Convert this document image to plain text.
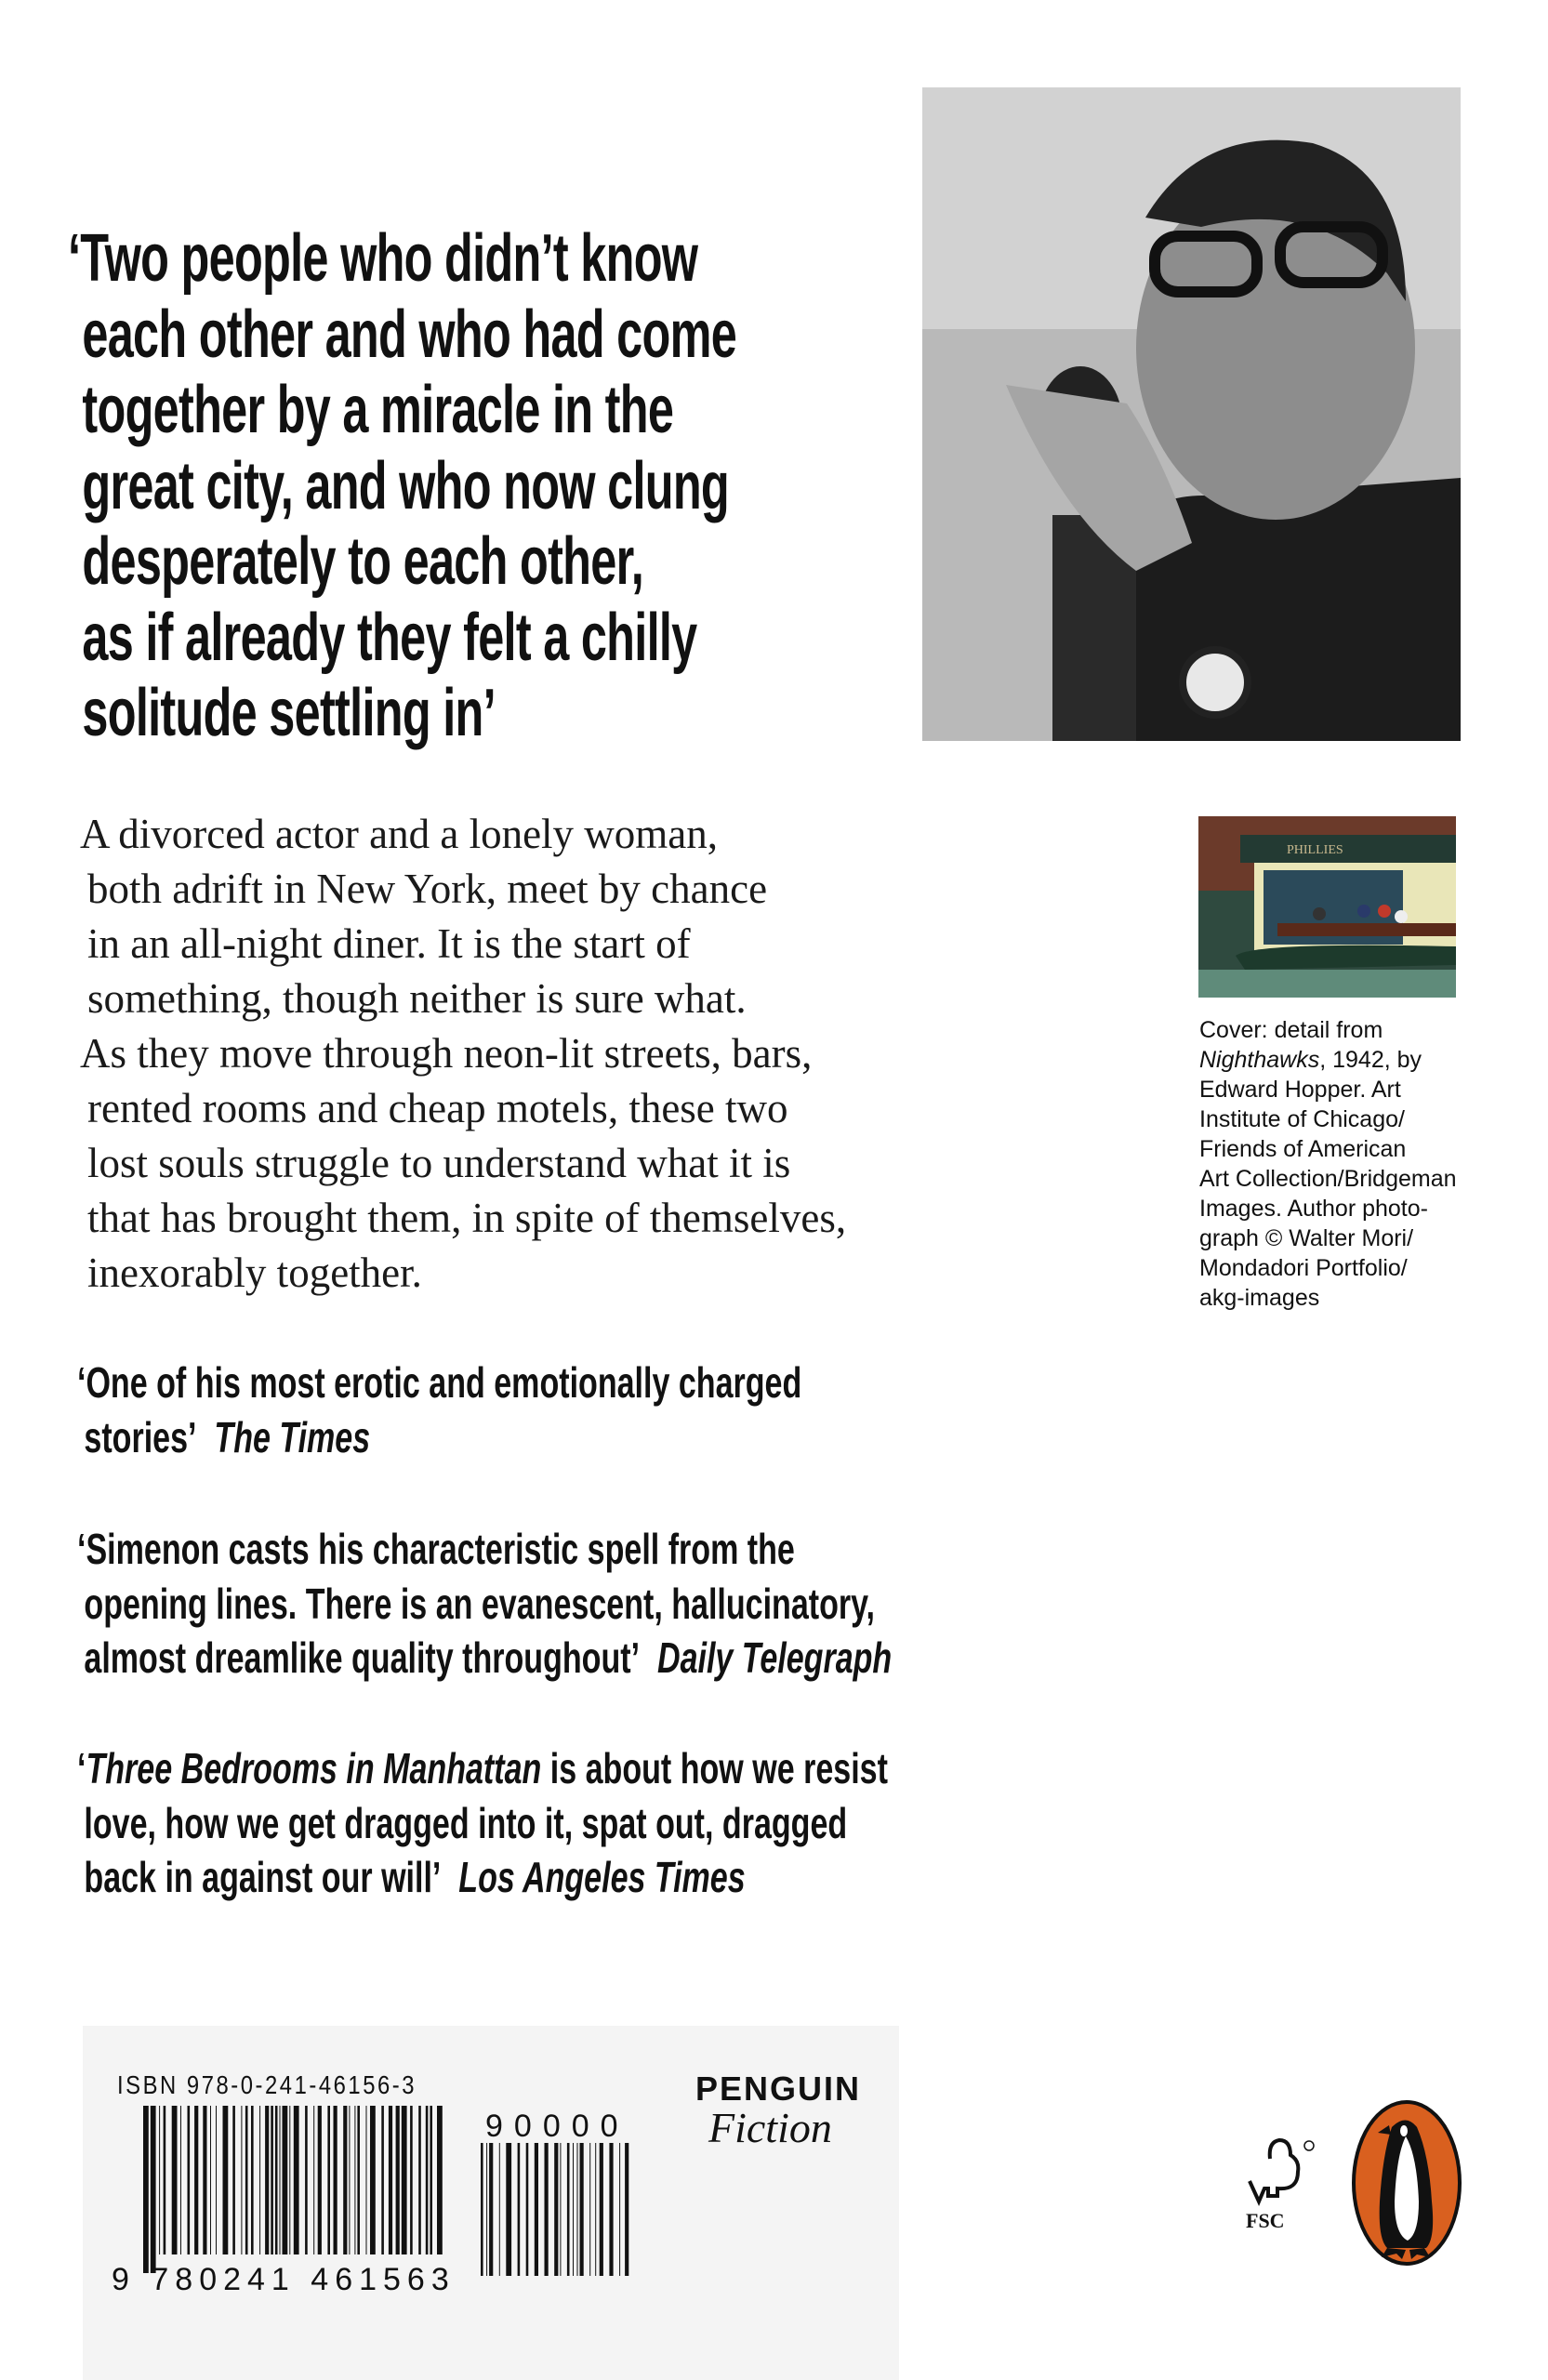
‘Two people who didn’t know
each other and who had come
together by a miracle in the
great city, and who now clung
desperately to each other,
as if already they felt a chilly
solitude settling in’
A divorced actor and a lonely woman,
both adrift in New York, meet by chance
in an all-night diner. It is the start of
something, though neither is sure what.
As they move through neon-lit streets, bars,
rented rooms and cheap motels, these two
lost souls struggle to understand what it is
that has brought them, in spite of themselves,
inexorably together.
‘One of his most erotic and emotionally charged
stories’ The Times
‘Simenon casts his characteristic spell from the
opening lines. There is an evanescent, hallucinatory,
almost dreamlike quality throughout’ Daily Telegraph
‘Three Bedrooms in Manhattan is about how we resist
love, how we get dragged into it, spat out, dragged
back in against our will’ Los Angeles Times
PHILLIES
Cover: detail from
Nighthawks, 1942, by
Edward Hopper. Art
Institute of Chicago/
Friends of American
Art Collection/Bridgeman
Images. Author photo-
graph © Walter Mori/
Mondadori Portfolio/
akg-images
ISBN 978-0-241-46156-3
9 780241 461563
90000
PENGUIN
Fiction
FSC
